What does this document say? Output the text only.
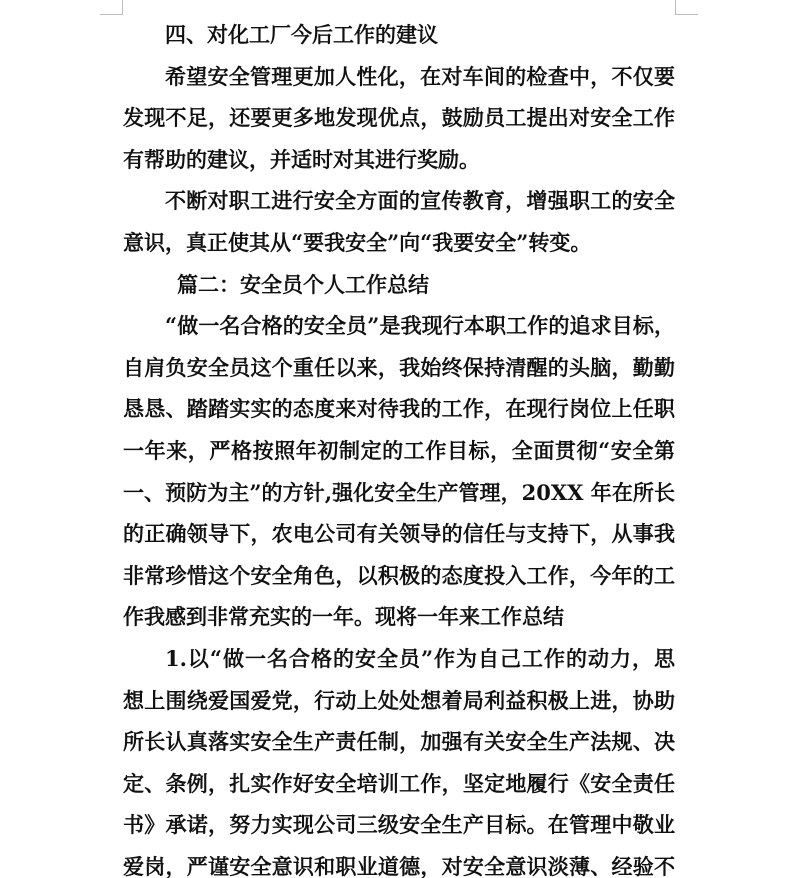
四、对化工厂今后工作的建议
希望安全管理更加人性化，在对车间的检查中，不仅要
发现不足，还要更多地发现优点，鼓励员工提出对安全工作
有帮助的建议，并适时对其进行奖励。
不断对职工进行安全方面的宣传教育，增强职工的安全
意识，真正使其从“要我安全”向“我要安全”转变。
篇二：安全员个人工作总结
“做一名合格的安全员”是我现行本职工作的追求目标，
自肩负安全员这个重任以来，我始终保持清醒的头脑，勤勤
恳恳、踏踏实实的态度来对待我的工作，在现行岗位上任职
一年来，严格按照年初制定的工作目标，全面贯彻“安全第
一、预防为主”的方针,强化安全生产管理，20XX 年在所长
的正确领导下，农电公司有关领导的信任与支持下，从事我
非常珍惜这个安全角色，以积极的态度投入工作，今年的工
作我感到非常充实的一年。现将一年来工作总结
1.以“做一名合格的安全员”作为自己工作的动力，思
想上围绕爱国爱党，行动上处处想着局利益积极上进，协助
所长认真落实安全生产责任制，加强有关安全生产法规、决
定、条例，扎实作好安全培训工作，坚定地履行《安全责任
书》承诺，努力实现公司三级安全生产目标。在管理中敬业
爱岗，严谨安全意识和职业道德，对安全意识淡薄、经验不
